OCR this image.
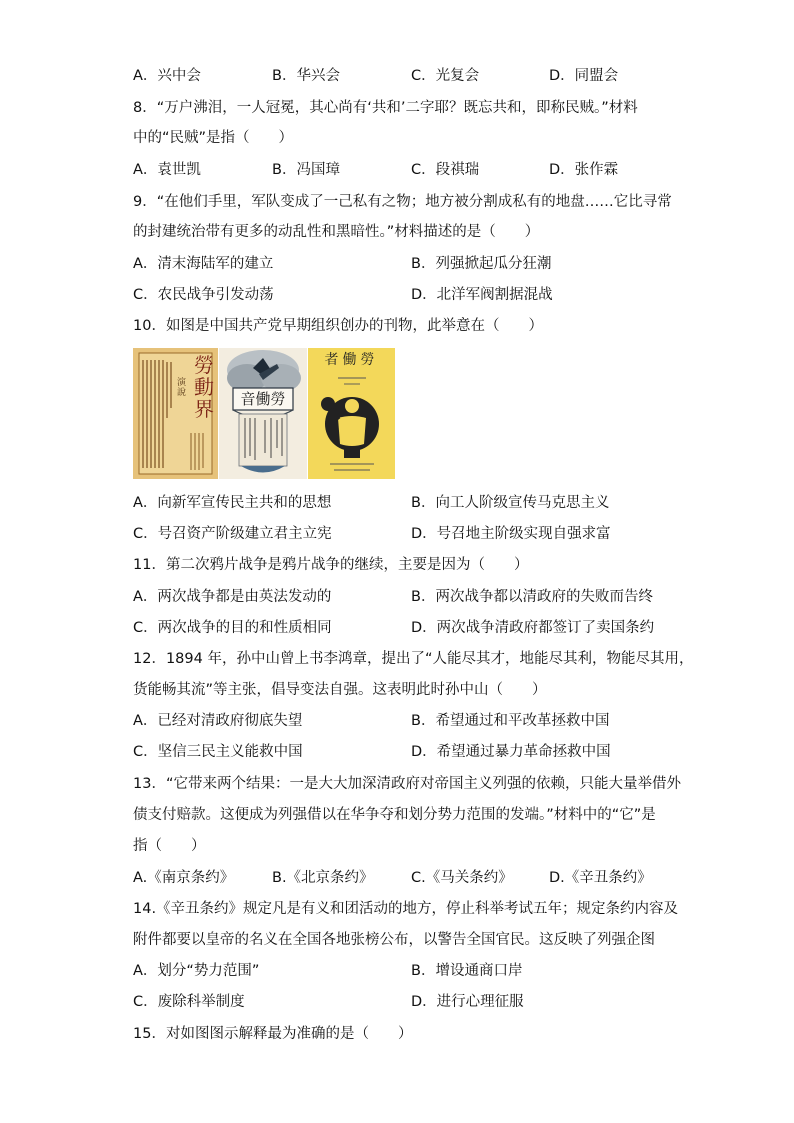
A．兴中会	B．华兴会	C．光复会	D．同盟会
8．“万户沸泪，一人冠冕，其心尚有‘共和’二字耶？既忘共和，即称民贼。”材料
中的“民贼”是指（　　）
A．袁世凯	B．冯国璋	C．段祺瑞	D．张作霖
9．“在他们手里，军队变成了一己私有之物；地方被分割成私有的地盘……它比寻常
的封建统治带有更多的动乱性和黑暗性。”材料描述的是（　　）
A．清末海陆军的建立	B．列强掀起瓜分狂潮
C．农民战争引发动荡	D．北洋军阀割据混战
10．如图是中国共产党早期组织创办的刊物，此举意在（　　）
勞動界
演說	勞働音
勞働者
A．向新军宣传民主共和的思想	B．向工人阶级宣传马克思主义
C．号召资产阶级建立君主立宪	D．号召地主阶级实现自强求富
11．第二次鸦片战争是鸦片战争的继续，主要是因为（　　）
A．两次战争都是由英法发动的	B．两次战争都以清政府的失败而告终
C．两次战争的目的和性质相同	D．两次战争清政府都签订了卖国条约
12．1894 年，孙中山曾上书李鸿章，提出了“人能尽其才，地能尽其利，物能尽其用，
货能畅其流”等主张，倡导变法自强。这表明此时孙中山（　　）
A．已经对清政府彻底失望	B．希望通过和平改革拯救中国
C．坚信三民主义能救中国	D．希望通过暴力革命拯救中国
13．“它带来两个结果：一是大大加深清政府对帝国主义列强的依赖，只能大量举借外
债支付赔款。这便成为列强借以在华争夺和划分势力范围的发端。”材料中的“它”是
指（　　）
A.《南京条约》	B.《北京条约》	C.《马关条约》	D.《辛丑条约》
14.《辛丑条约》规定凡是有义和团活动的地方，停止科举考试五年；规定条约内容及
附件都要以皇帝的名义在全国各地张榜公布，以警告全国官民。这反映了列强企图
A．划分“势力范围”	B．增设通商口岸
C．废除科举制度	D．进行心理征服
15．对如图图示解释最为准确的是（　　）
